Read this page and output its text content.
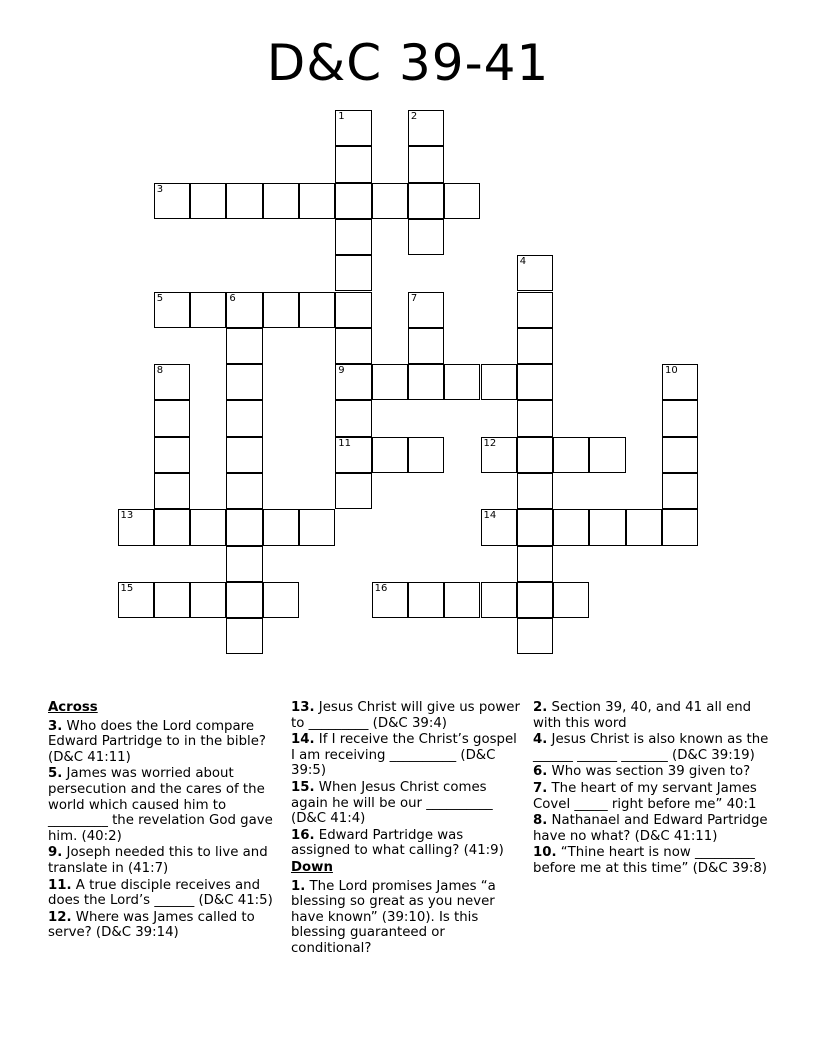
D&C 39-41
3
5	6
9
11	12
13	14
15	16
1	2
4
7
8	10
Across
3. Who does the Lord compare Edward Partridge to in the bible? (D&C 41:11)
5. James was worried about persecution and the cares of the world which caused him to _________ the revelation God gave him. (40:2)
9. Joseph needed this to live and translate in (41:7)
11. A true disciple receives and does the Lord’s ______ (D&C 41:5)
12. Where was James called to serve? (D&C 39:14)
13. Jesus Christ will give us power to _________ (D&C 39:4)
14. If I receive the Christ’s gospel I am receiving __________ (D&C 39:5)
15. When Jesus Christ comes again he will be our __________ (D&C 41:4)
16. Edward Partridge was assigned to what calling? (41:9)
Down
1. The Lord promises James “a blessing so great as you never have known” (39:10). Is this blessing guaranteed or conditional?
2. Section 39, 40, and 41 all end with this word
4. Jesus Christ is also known as the ______ ______ _______ (D&C 39:19)
6. Who was section 39 given to?
7. The heart of my servant James Covel _____ right before me” 40:1
8. Nathanael and Edward Partridge have no what? (D&C 41:11)
10. “Thine heart is now _________ before me at this time” (D&C 39:8)
